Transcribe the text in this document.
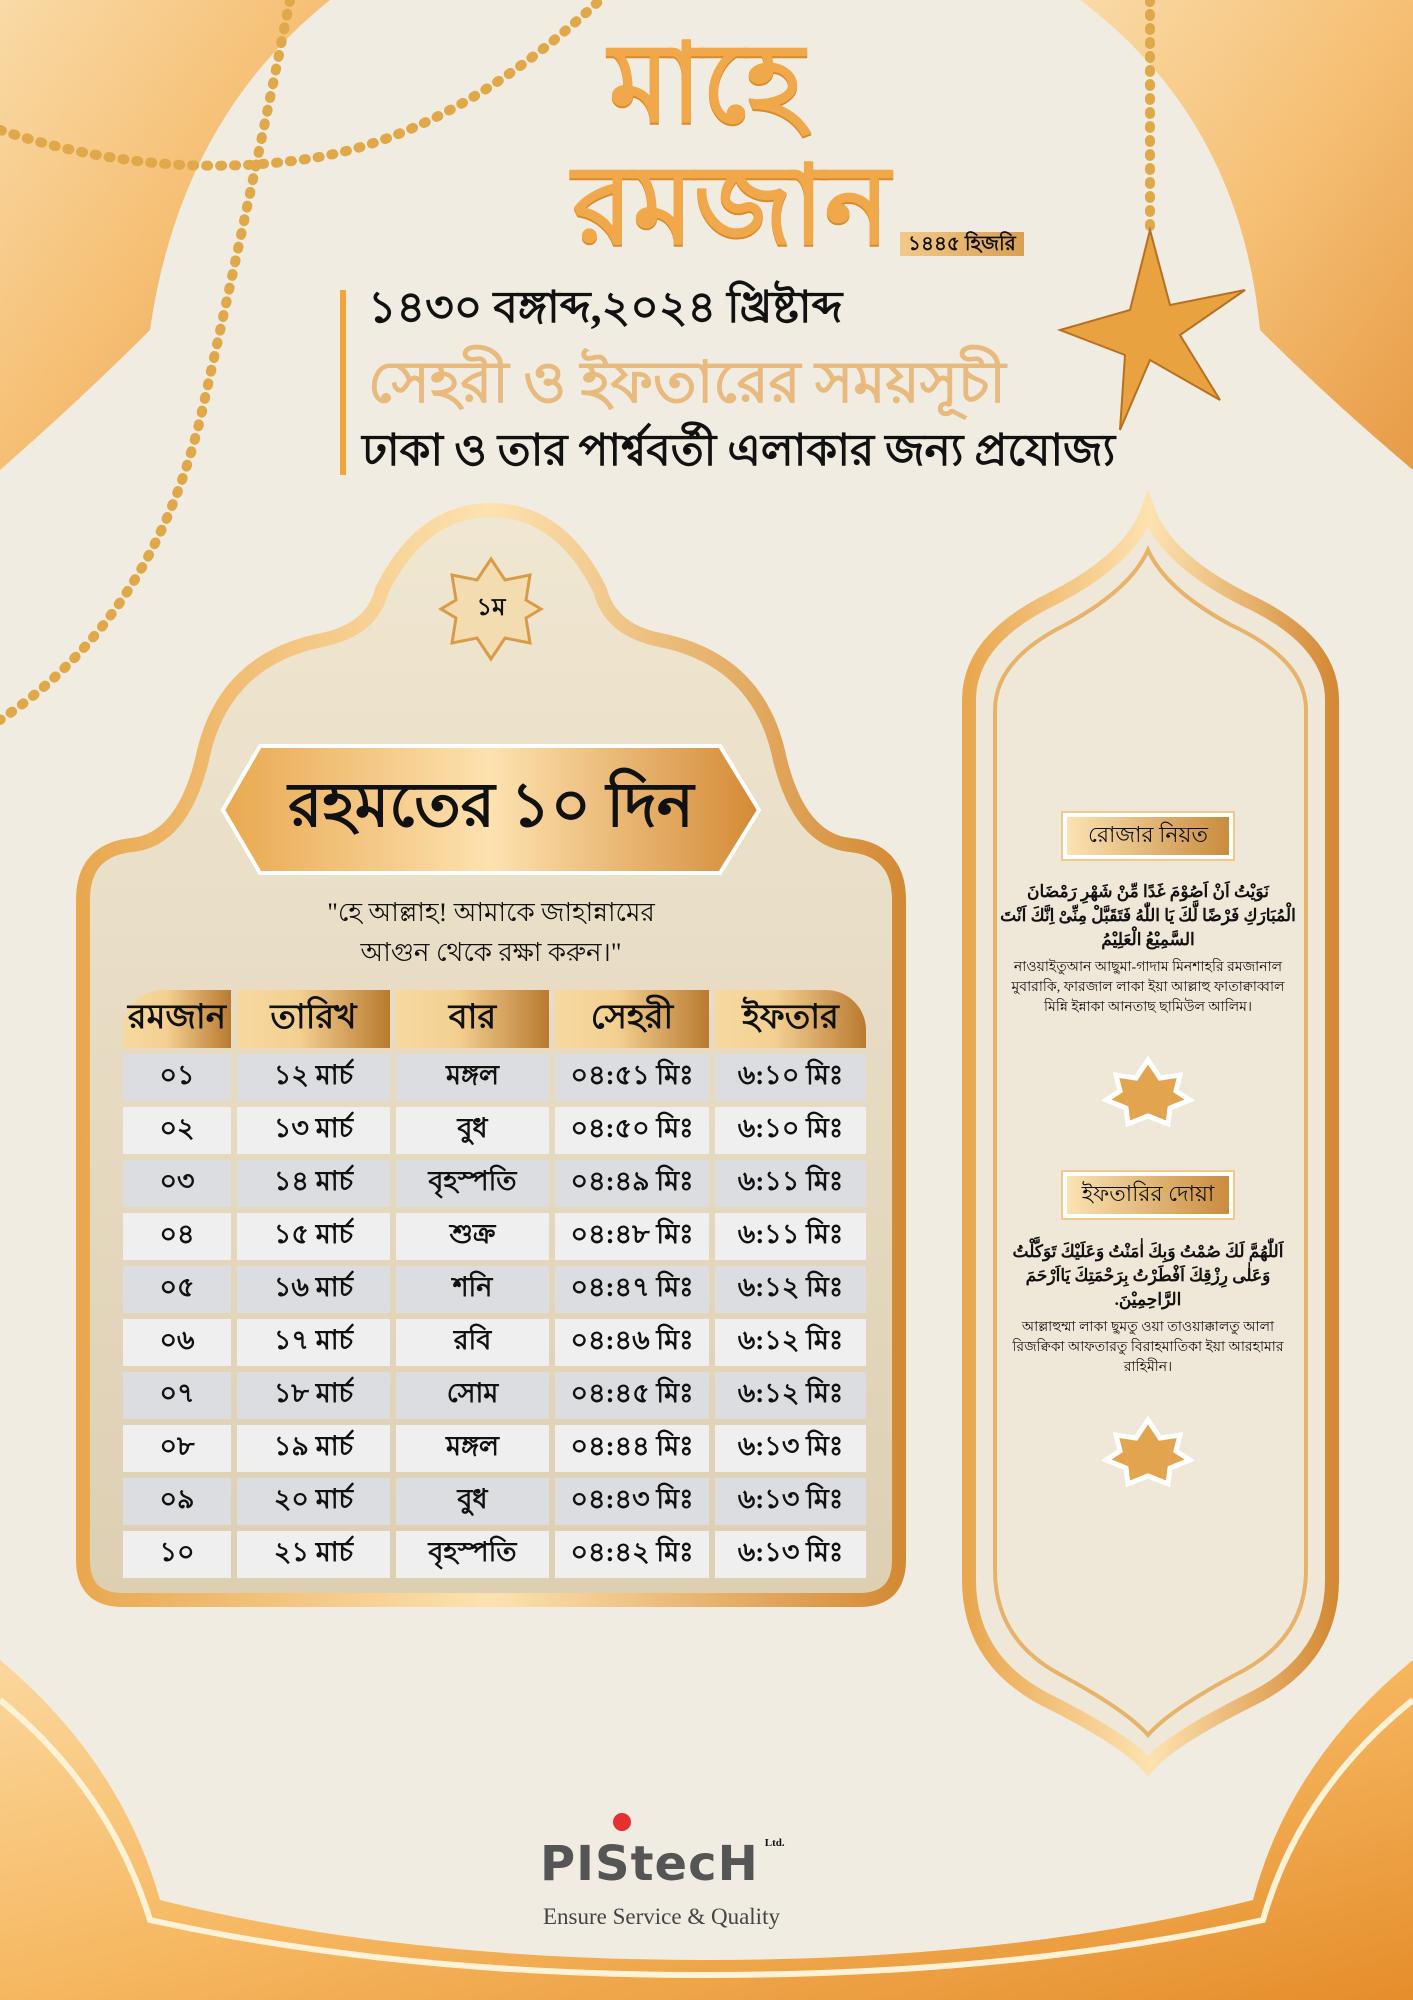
মাহে
রমজান ১৪৪৫ হিজরি
১৪৩০ বঙ্গাব্দ,২০২৪ খ্রিষ্টাব্দ
সেহরী ও ইফতারের সময়সূচী
ঢাকা ও তার পার্শ্ববর্তী এলাকার জন্য প্রযোজ্য
১ম
রহমতের ১০ দিন
"হে আল্লাহ! আমাকে জাহান্নামের
আগুন থেকে রক্ষা করুন।"
রমজান	তারিখ	বার	সেহরী	ইফতার
০১	১২ মার্চ	মঙ্গল	০৪:৫১ মিঃ	৬:১০ মিঃ
০২	১৩ মার্চ	বুধ	০৪:৫০ মিঃ	৬:১০ মিঃ
০৩	১৪ মার্চ	বৃহস্পতি	০৪:৪৯ মিঃ	৬:১১ মিঃ
০৪	১৫ মার্চ	শুক্র	০৪:৪৮ মিঃ	৬:১১ মিঃ
০৫	১৬ মার্চ	শনি	০৪:৪৭ মিঃ	৬:১২ মিঃ
০৬	১৭ মার্চ	রবি	০৪:৪৬ মিঃ	৬:১২ মিঃ
০৭	১৮ মার্চ	সোম	০৪:৪৫ মিঃ	৬:১২ মিঃ
০৮	১৯ মার্চ	মঙ্গল	০৪:৪৪ মিঃ	৬:১৩ মিঃ
০৯	২০ মার্চ	বুধ	০৪:৪৩ মিঃ	৬:১৩ মিঃ
১০	২১ মার্চ	বৃহস্পতি	০৪:৪২ মিঃ	৬:১৩ মিঃ
রোজার নিয়ত
نَوَيْتُ اَنْ اَصُوْمَ غَدًا مِّنْ شَهْرِ رَمْضَانَ الْمُبَارَكِ فَرْضًا لَّكَ يَا اللّٰهُ فَتَقَبَّلْ مِنِّىْ اِنَّكَ اَنْتَ السَّمِيْعُ الْعَلِيْمُ
নাওয়াইতুআন আছুমা-গাদাম মিনশাহরি রমজানাল মুবারাকি, ফারজাল লাকা ইয়া আল্লাহু ফাতাক্বাব্বাল মিন্নি ইন্নাকা আনতাছ ছামিউল আলিম।
ইফতারির দোয়া
اَللّٰهُمَّ لَكَ صُمْتُ وَبِكَ اٰمَنْتُ وَعَلَيْكَ تَوَكَّلْتُ وَعَلٰى رِزْقِكَ اَفْطَرْتُ بِرَحْمَتِكَ يَااَرْحَمَ الرَّاحِمِيْنَ.
আল্লাহুম্মা লাকা ছুমতু ওয়া তাওয়াক্কালতু আলা রিজক্বিকা আফতারতু বিরাহমাতিকা ইয়া আরহামার রাহিমীন।
PIStecH Ltd.
Ensure Service & Quality
